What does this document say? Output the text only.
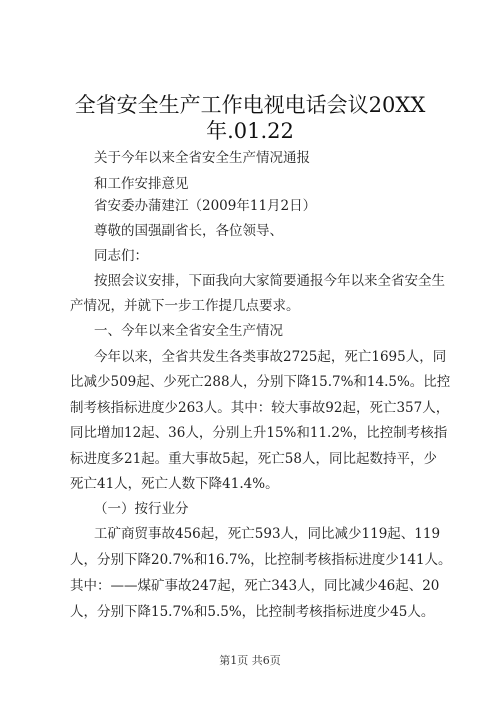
全省安全生产工作电视电话会议20XX
年.01.22

关于今年以来全省安全生产情况通报

和工作安排意见

省安委办蒲建江（2009年11月2日）

尊敬的国强副省长，各位领导、

同志们：

按照会议安排，下面我向大家简要通报今年以来全省安全生

产情况，并就下一步工作提几点要求。

一、今年以来全省安全生产情况

今年以来，全省共发生各类事故2725起，死亡1695人，同

比减少509起、少死亡288人，分别下降15.7%和14.5%。比控

制考核指标进度少263人。其中：较大事故92起，死亡357人，

同比增加12起、36人，分别上升15%和11.2%，比控制考核指

标进度多21起。重大事故5起，死亡58人，同比起数持平，少

死亡41人，死亡人数下降41.4%。

（一）按行业分

工矿商贸事故456起，死亡593人，同比减少119起、119

人，分别下降20.7%和16.7%，比控制考核指标进度少141人。

其中：——煤矿事故247起，死亡343人，同比减少46起、20

人，分别下降15.7%和5.5%，比控制考核指标进度少45人。

第1页 共6页
